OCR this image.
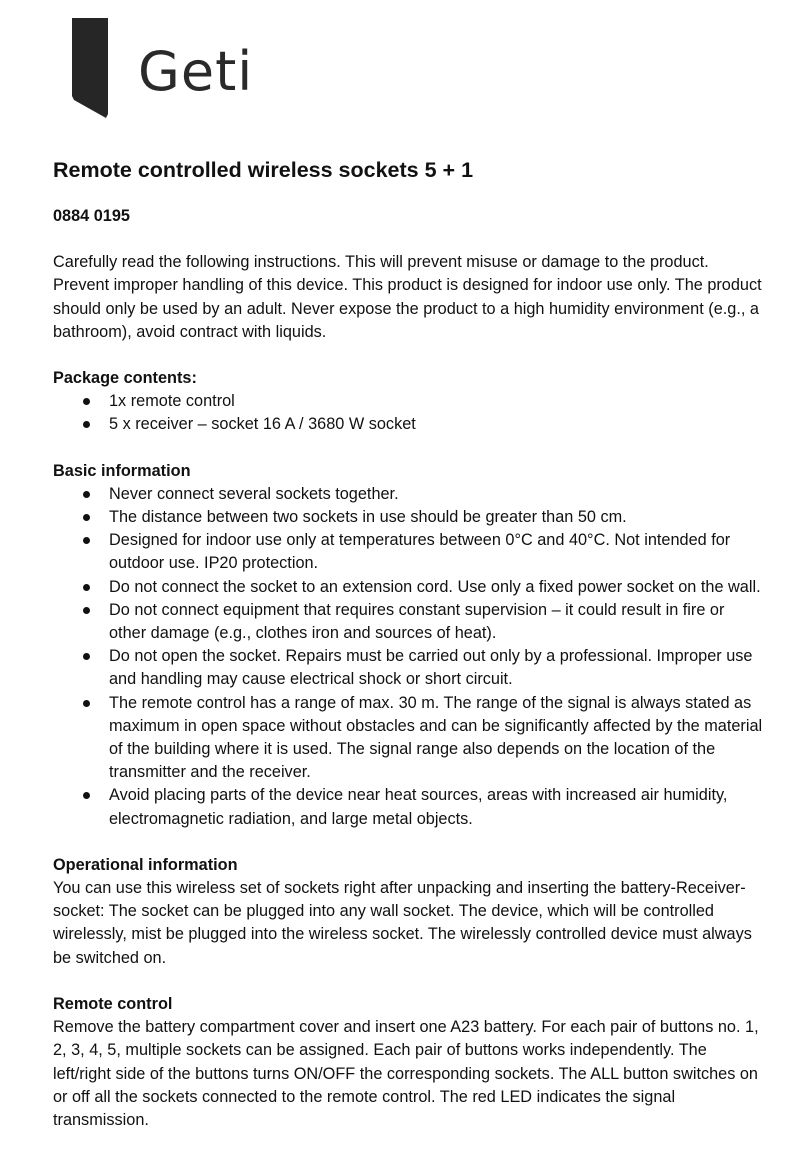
Geti
Remote controlled wireless sockets 5 + 1

0884 0195

Carefully read the following instructions. This will prevent misuse or damage to the product. Prevent improper handling of this device. This product is designed for indoor use only. The product should only be used by an adult. Never expose the product to a high humidity environment (e.g., a bathroom), avoid contract with liquids.

Package contents:

1x remote control
5 x receiver – socket 16 A / 3680 W socket

Basic information

Never connect several sockets together.
The distance between two sockets in use should be greater than 50 cm.
Designed for indoor use only at temperatures between 0°C and 40°C. Not intended for outdoor use. IP20 protection.
Do not connect the socket to an extension cord. Use only a fixed power socket on the wall.
Do not connect equipment that requires constant supervision – it could result in fire or other damage (e.g., clothes iron and sources of heat).
Do not open the socket. Repairs must be carried out only by a professional. Improper use and handling may cause electrical shock or short circuit.
The remote control has a range of max. 30 m. The range of the signal is always stated as maximum in open space without obstacles and can be significantly affected by the material of the building where it is used. The signal range also depends on the location of the transmitter and the receiver.
Avoid placing parts of the device near heat sources, areas with increased air humidity, electromagnetic radiation, and large metal objects.

Operational information

You can use this wireless set of sockets right after unpacking and inserting the battery-Receiver- socket: The socket can be plugged into any wall socket. The device, which will be controlled wirelessly, mist be plugged into the wireless socket. The wirelessly controlled device must always be switched on.

Remote control

Remove the battery compartment cover and insert one A23 battery. For each pair of buttons no. 1, 2, 3, 4, 5, multiple sockets can be assigned. Each pair of buttons works independently. The left/right side of the buttons turns ON/OFF the corresponding sockets. The ALL button switches on or off all the sockets connected to the remote control. The red LED indicates the signal transmission.
